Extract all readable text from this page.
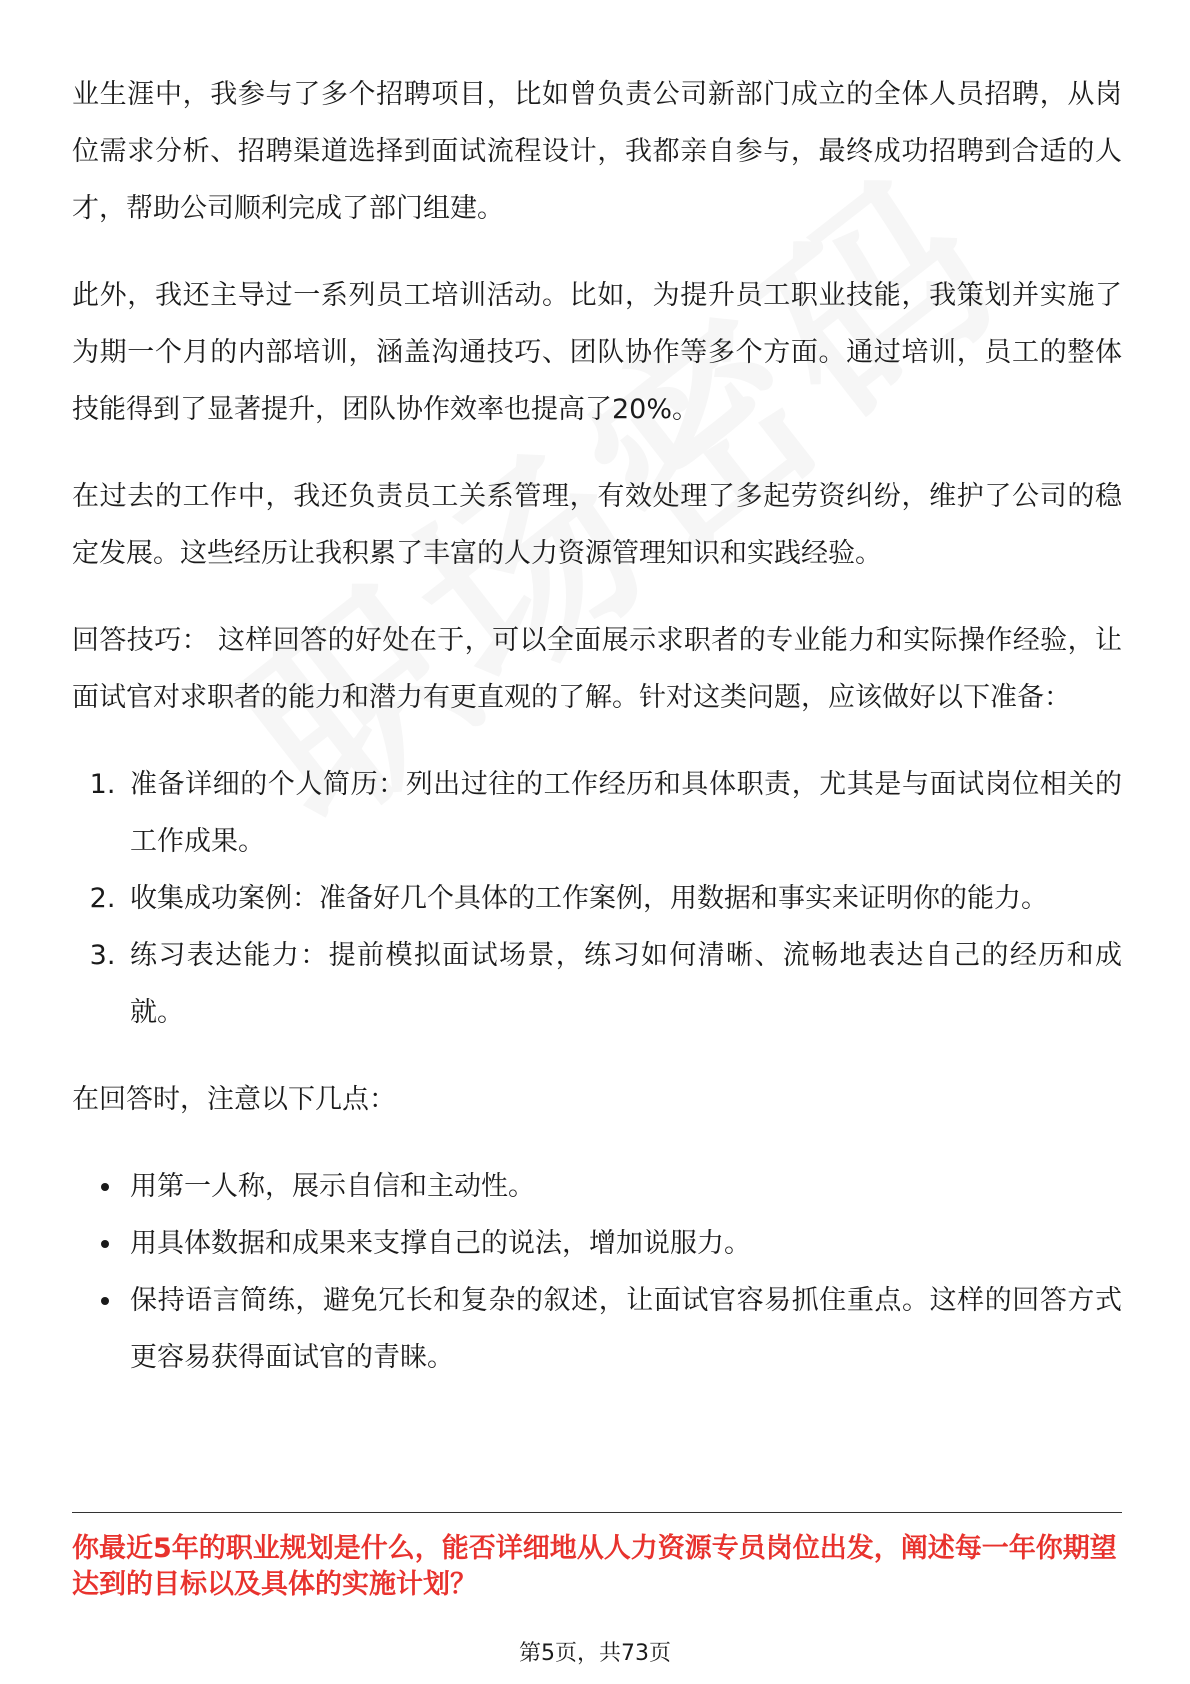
业生涯中，我参与了多个招聘项目，比如曾负责公司新部门成立的全体人员招聘，从岗位需求分析、招聘渠道选择到面试流程设计，我都亲自参与，最终成功招聘到合适的人才，帮助公司顺利完成了部门组建。

此外，我还主导过一系列员工培训活动。比如，为提升员工职业技能，我策划并实施了为期一个月的内部培训，涵盖沟通技巧、团队协作等多个方面。通过培训，员工的整体技能得到了显著提升，团队协作效率也提高了20%。

在过去的工作中，我还负责员工关系管理，有效处理了多起劳资纠纷，维护了公司的稳定发展。这些经历让我积累了丰富的人力资源管理知识和实践经验。

回答技巧： 这样回答的好处在于，可以全面展示求职者的专业能力和实际操作经验，让面试官对求职者的能力和潜力有更直观的了解。针对这类问题，应该做好以下准备：

1. 准备详细的个人简历：列出过往的工作经历和具体职责，尤其是与面试岗位相关的工作成果。
2. 收集成功案例：准备好几个具体的工作案例，用数据和事实来证明你的能力。
3. 练习表达能力：提前模拟面试场景，练习如何清晰、流畅地表达自己的经历和成就。

在回答时，注意以下几点：

• 用第一人称，展示自信和主动性。
• 用具体数据和成果来支撑自己的说法，增加说服力。
• 保持语言简练，避免冗长和复杂的叙述，让面试官容易抓住重点。这样的回答方式更容易获得面试官的青睐。
你最近5年的职业规划是什么，能否详细地从人力资源专员岗位出发，阐述每一年你期望达到的目标以及具体的实施计划？
第5页，共73页
